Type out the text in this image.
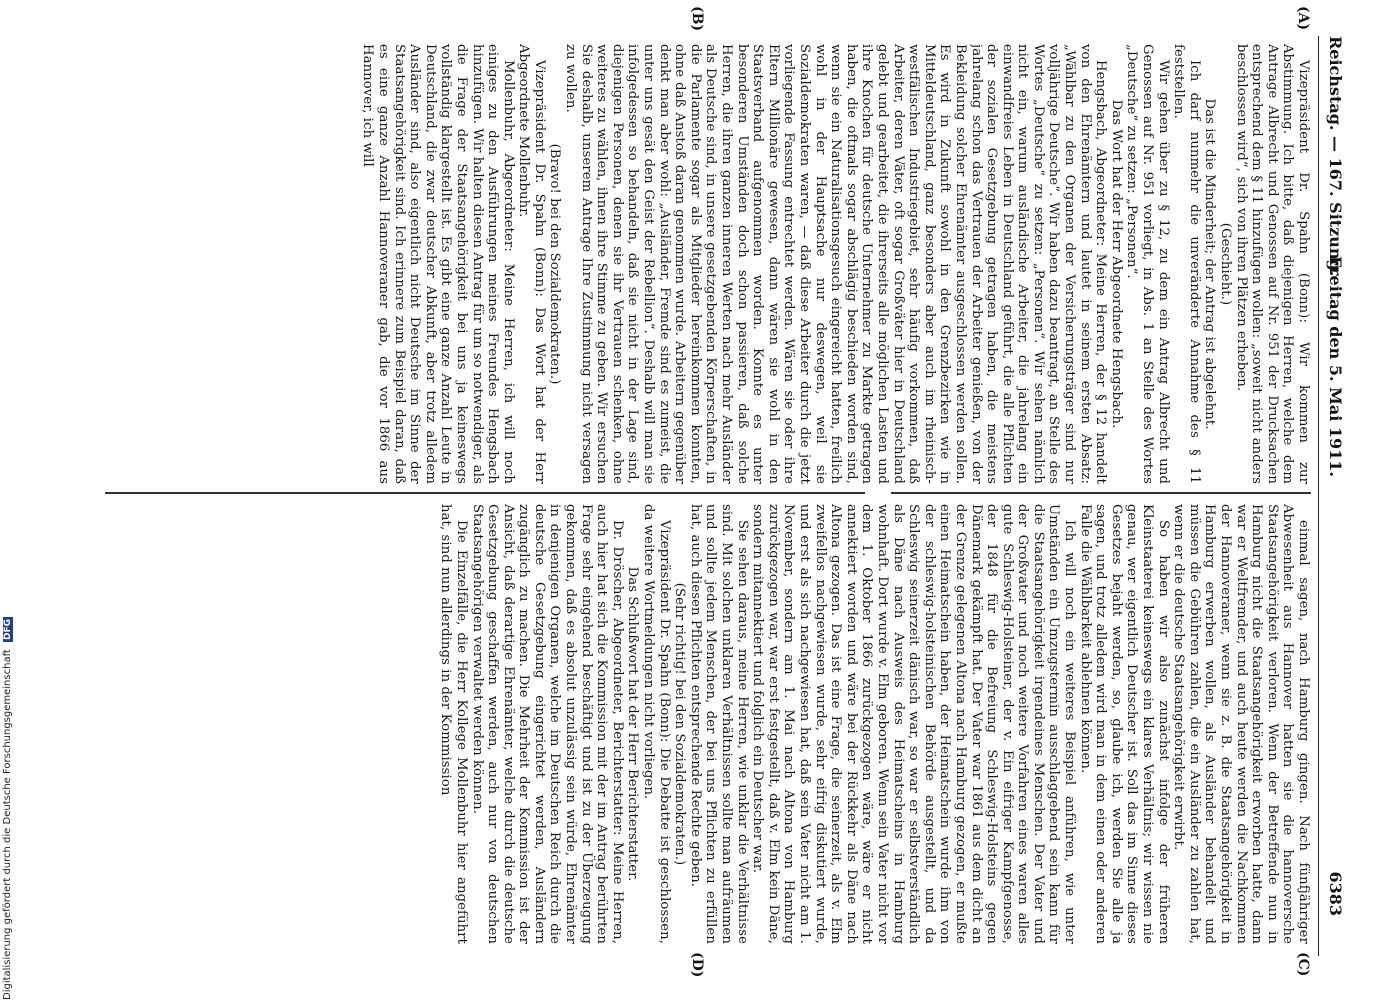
Reichstag. — 167. Sitzung.
Freitag den 5. Mai 1911.
6383
(A)
(B)
(C)
(D)

Vizepräsident Dr. Spahn (Bonn): Wir kommen zur Abstimmung. Ich bitte, daß diejenigen Herren, welche dem Antrage Albrecht und Genossen auf Nr. 951 der Drucksachen entsprechend dem § 11 hinzufügen wollen: „soweit nicht anders beschlossen wird“, sich von ihren Plätzen erheben.

(Geschieht.)

Das ist die Minderheit; der Antrag ist abgelehnt.

Ich darf nunmehr die unveränderte Annahme des § 11 feststellen.

Wir gehen über zu § 12, zu dem ein Antrag Albrecht und Genossen auf Nr. 951 vorliegt, in Abs. 1 an Stelle des Wortes „Deutsche“ zu setzen: „Personen“.

Das Wort hat der Herr Abgeordnete Hengsbach.

Hengsbach, Abgeordneter: Meine Herren, der § 12 handelt von den Ehrenämtern und lautet in seinem ersten Absatz: „Wählbar zu den Organen der Versicherungsträger sind nur volljährige Deutsche“. Wir haben dazu beantragt, an Stelle des Wortes „Deutsche“ zu setzen: „Personen“. Wir sehen nämlich nicht ein, warum ausländische Arbeiter, die jahrelang ein einwandfreies Leben in Deutschland geführt, die alle Pflichten der sozialen Gesetzgebung getragen haben, die meistens jahrelang schon das Vertrauen der Arbeiter genießen, von der Bekleidung solcher Ehrenämter ausgeschlossen werden sollen. Es wird in Zukunft sowohl in den Grenzbezirken wie in Mitteldeutschland, ganz besonders aber auch im rheinisch-westfälischen Industriegebiet, sehr häufig vorkommen, daß Arbeiter, deren Väter, oft sogar Großväter hier in Deutschland gelebt und gearbeitet, die ihrerseits alle möglichen Lasten und ihre Knochen für deutsche Unternehmer zu Markte getragen haben, die oftmals sogar abschlägig beschieden worden sind, wenn sie ein Naturalisationsgesuch eingereicht hatten, freilich wohl in der Hauptsache nur deswegen, weil sie Sozialdemokraten waren, — daß diese Arbeiter durch die jetzt vorliegende Fassung entrechtet werden. Wären sie oder ihre Eltern Millionäre gewesen, dann wären sie wohl in den Staatsverband aufgenommen worden. Konnte es unter besonderen Umständen doch schon passieren, daß solche Herren, die ihren ganzen inneren Werten nach mehr Ausländer als Deutsche sind, in unsere gesetzgebenden Körperschaften, in die Parlamente sogar als Mitglieder hereinkommen konnten, ohne daß Anstoß daran genommen wurde. Arbeitern gegenüber denkt man aber wohl: „Ausländer, Fremde sind es zumeist, die unter uns gesät den Geist der Rebellion“. Deshalb will man sie infolgedessen so behandeln, daß sie nicht in der Lage sind, diejenigen Personen, denen sie ihr Vertrauen schenken, ohne weiteres zu wählen, ihnen ihre Stimme zu geben. Wir ersuchen Sie deshalb, unserem Antrage Ihre Zustimmung nicht versagen zu wollen.

(Bravo! bei den Sozialdemokraten.)

Vizepräsident Dr. Spahn (Bonn): Das Wort hat der Herr Abgeordnete Mollenbuhr.

Mollenbuhr, Abgeordneter: Meine Herren, ich will noch einiges zu den Ausführungen meines Freundes Hengsbach hinzufügen. Wir halten diesen Antrag für um so notwendiger, als die Frage der Staatsangehörigkeit bei uns ja keineswegs vollständig klargestellt ist. Es gibt eine ganze Anzahl Leute in Deutschland, die zwar deutscher Abkunft, aber trotz alledem Ausländer sind, also eigentlich nicht Deutsche im Sinne der Staatsangehörigkeit sind. Ich erinnere zum Beispiel daran, daß es eine ganze Anzahl Hannoveraner gab, die vor 1866 aus Hannover, ich will

einmal sagen, nach Hamburg gingen. Nach fünfjähriger Abwesenheit aus Hannover hatten sie die hannoversche Staatsangehörigkeit verloren. Wenn der Betreffende nun in Hamburg nicht die Staatsangehörigkeit erworben hatte, dann war er Weltfremder, und auch heute werden die Nachkommen der Hannoveraner, wenn sie z. B. die Staatsangehörigkeit in Hamburg erwerben wollen, als Ausländer behandelt und müssen die Gebühren zahlen, die ein Ausländer zu zahlen hat, wenn er die deutsche Staatsangehörigkeit erwirbt.

So haben wir also zunächst infolge der früheren Kleinstaaterei keineswegs ein klares Verhältnis; wir wissen nie genau, wer eigentlich Deutscher ist. Soll das im Sinne dieses Gesetzes bejaht werden, so, glaube ich, werden Sie alle ja sagen, und trotz alledem wird man in dem einen oder anderen Falle die Wählbarkeit ablehnen können.

Ich will noch ein weiteres Beispiel anführen, wie unter Umständen ein Umzugstermin ausschlaggebend sein kann für die Staatsangehörigkeit irgendeines Menschen. Der Vater und der Großvater und noch weitere Vorfahren eines waren alles gute Schleswig-Holsteiner, der v. Ein eifriger Kampfgenosse, der 1848 für die Befreiung Schleswig-Holsteins gegen Dänemark gekämpft hat. Der Vater war 1861 aus dem dicht an der Grenze gelegenen Altona nach Hamburg gezogen, er mußte einen Heimatschein haben, der Heimatschein wurde ihm von der schleswig-holsteinischen Behörde ausgestellt, und da Schleswig seinerzeit dänisch war, so war er selbstverständlich als Däne nach Ausweis des Heimatscheins in Hamburg wohnhaft. Dort wurde v. Elm geboren. Wenn sein Vater nicht vor dem 1. Oktober 1866 zurückgezogen wäre, wäre er nicht annektiert worden und wäre bei der Rückkehr als Däne nach Altona gezogen. Das ist eine Frage, die seinerzeit, als v. Elm zweifellos nachgewiesen wurde, sehr eifrig diskutiert wurde, und erst als sich nachgewiesen hat, daß sein Vater nicht am 1. November, sondern am 1. Mai nach Altona von Hamburg zurückgezogen war, war erst festgestellt, daß v. Elm kein Däne, sondern mitannektiert und folglich ein Deutscher war.

Sie sehen daraus, meine Herren, wie unklar die Verhältnisse sind. Mit solchen unklaren Verhältnissen sollte man aufräumen und sollte jedem Menschen, der bei uns Pflichten zu erfüllen hat, auch diesen Pflichten entsprechende Rechte geben.

(Sehr richtig! bei den Sozialdemokraten.)

Vizepräsident Dr. Spahn (Bonn): Die Debatte ist geschlossen, da weitere Wortmeldungen nicht vorliegen.

Das Schlußwort hat der Herr Berichterstatter.

Dr. Dröscher, Abgeordneter, Berichterstatter: Meine Herren, auch hier hat sich die Kommission mit der im Antrag berührten Frage sehr eingehend beschäftigt und ist zu der Überzeugung gekommen, daß es absolut unzulässig sein würde, Ehrenämter in denjenigen Organen, welche im Deutschen Reich durch die deutsche Gesetzgebung eingerichtet werden, Ausländern zugänglich zu machen. Die Mehrheit der Kommission ist der Ansicht, daß derartige Ehrenämter, welche durch die deutsche Gesetzgebung geschaffen werden, auch nur von deutschen Staatsangehörigen verwaltet werden können.

Die Einzelfälle, die Herr Kollege Mollenbuhr hier angeführt hat, sind nun allerdings in der Kommission

Digitalisierung gefördert durch die Deutsche Forschungsgemeinschaft DFG
